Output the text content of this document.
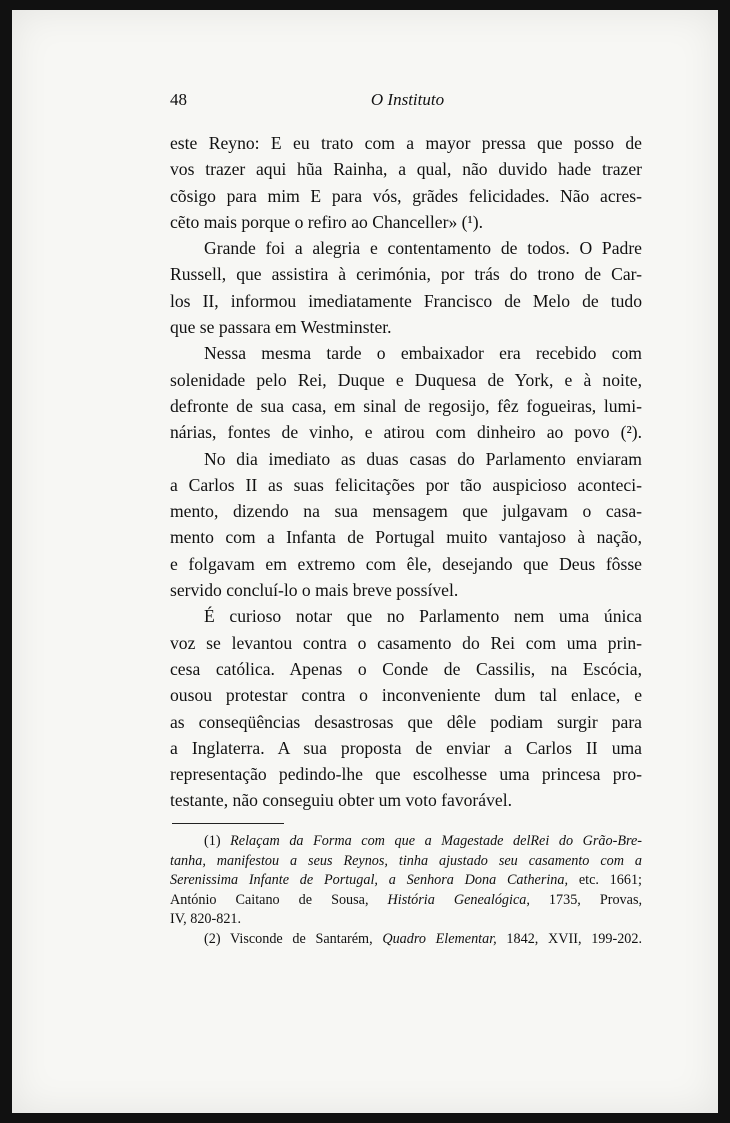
48	O Instituto
este Reyno: E eu trato com a mayor pressa que posso de
vos trazer aqui hũa Rainha, a qual, não duvido hade trazer
cõsigo para mim E para vós, grãdes felicidades. Não acres-
cẽto mais porque o refiro ao Chanceller» (¹).
Grande foi a alegria e contentamento de todos. O Padre
Russell, que assistira à cerimónia, por trás do trono de Car-
los II, informou imediatamente Francisco de Melo de tudo
que se passara em Westminster.
Nessa mesma tarde o embaixador era recebido com
solenidade pelo Rei, Duque e Duquesa de York, e à noite,
defronte de sua casa, em sinal de regosijo, fêz fogueiras, lumi-
nárias, fontes de vinho, e atirou com dinheiro ao povo (²).
No dia imediato as duas casas do Parlamento enviaram
a Carlos II as suas felicitações por tão auspicioso aconteci-
mento, dizendo na sua mensagem que julgavam o casa-
mento com a Infanta de Portugal muito vantajoso à nação,
e folgavam em extremo com êle, desejando que Deus fôsse
servido concluí-lo o mais breve possível.
É curioso notar que no Parlamento nem uma única
voz se levantou contra o casamento do Rei com uma prin-
cesa católica. Apenas o Conde de Cassilis, na Escócia,
ousou protestar contra o inconveniente dum tal enlace, e
as conseqüências desastrosas que dêle podiam surgir para
a Inglaterra. A sua proposta de enviar a Carlos II uma
representação pedindo-lhe que escolhesse uma princesa pro-
testante, não conseguiu obter um voto favorável.
(1) Relaçam da Forma com que a Magestade delRei do Grão-Bre-
tanha, manifestou a seus Reynos, tinha ajustado seu casamento com a
Serenissima Infante de Portugal, a Senhora Dona Catherina, etc. 1661;
António Caitano de Sousa, História Genealógica, 1735, Provas,
IV, 820-821.
(2) Visconde de Santarém, Quadro Elementar, 1842, XVII, 199-202.
